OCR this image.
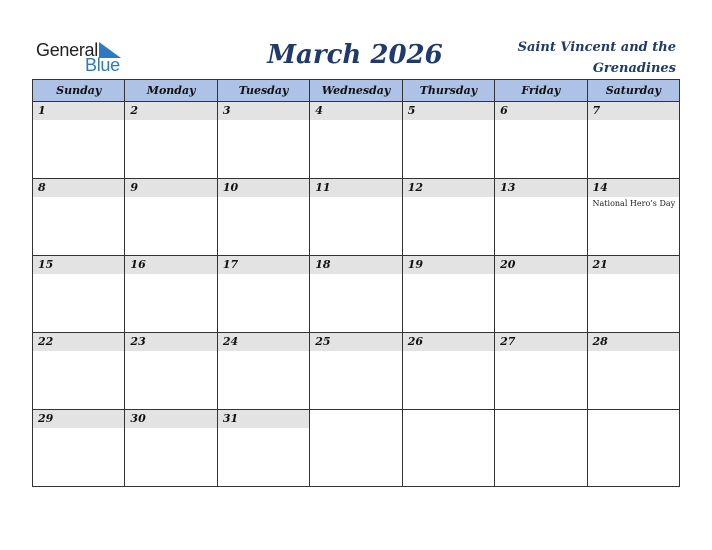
General
Blue	March 2026	Saint Vincent and the
Grenadines
Sunday	Monday	Tuesday	Wednesday	Thursday	Friday	Saturday

1	2	3	4	5	6	7

8	9	10	11	12	13	14
National Hero’s Day

15	16	17	18	19	20	21

22	23	24	25	26	27	28

29	30	31				
